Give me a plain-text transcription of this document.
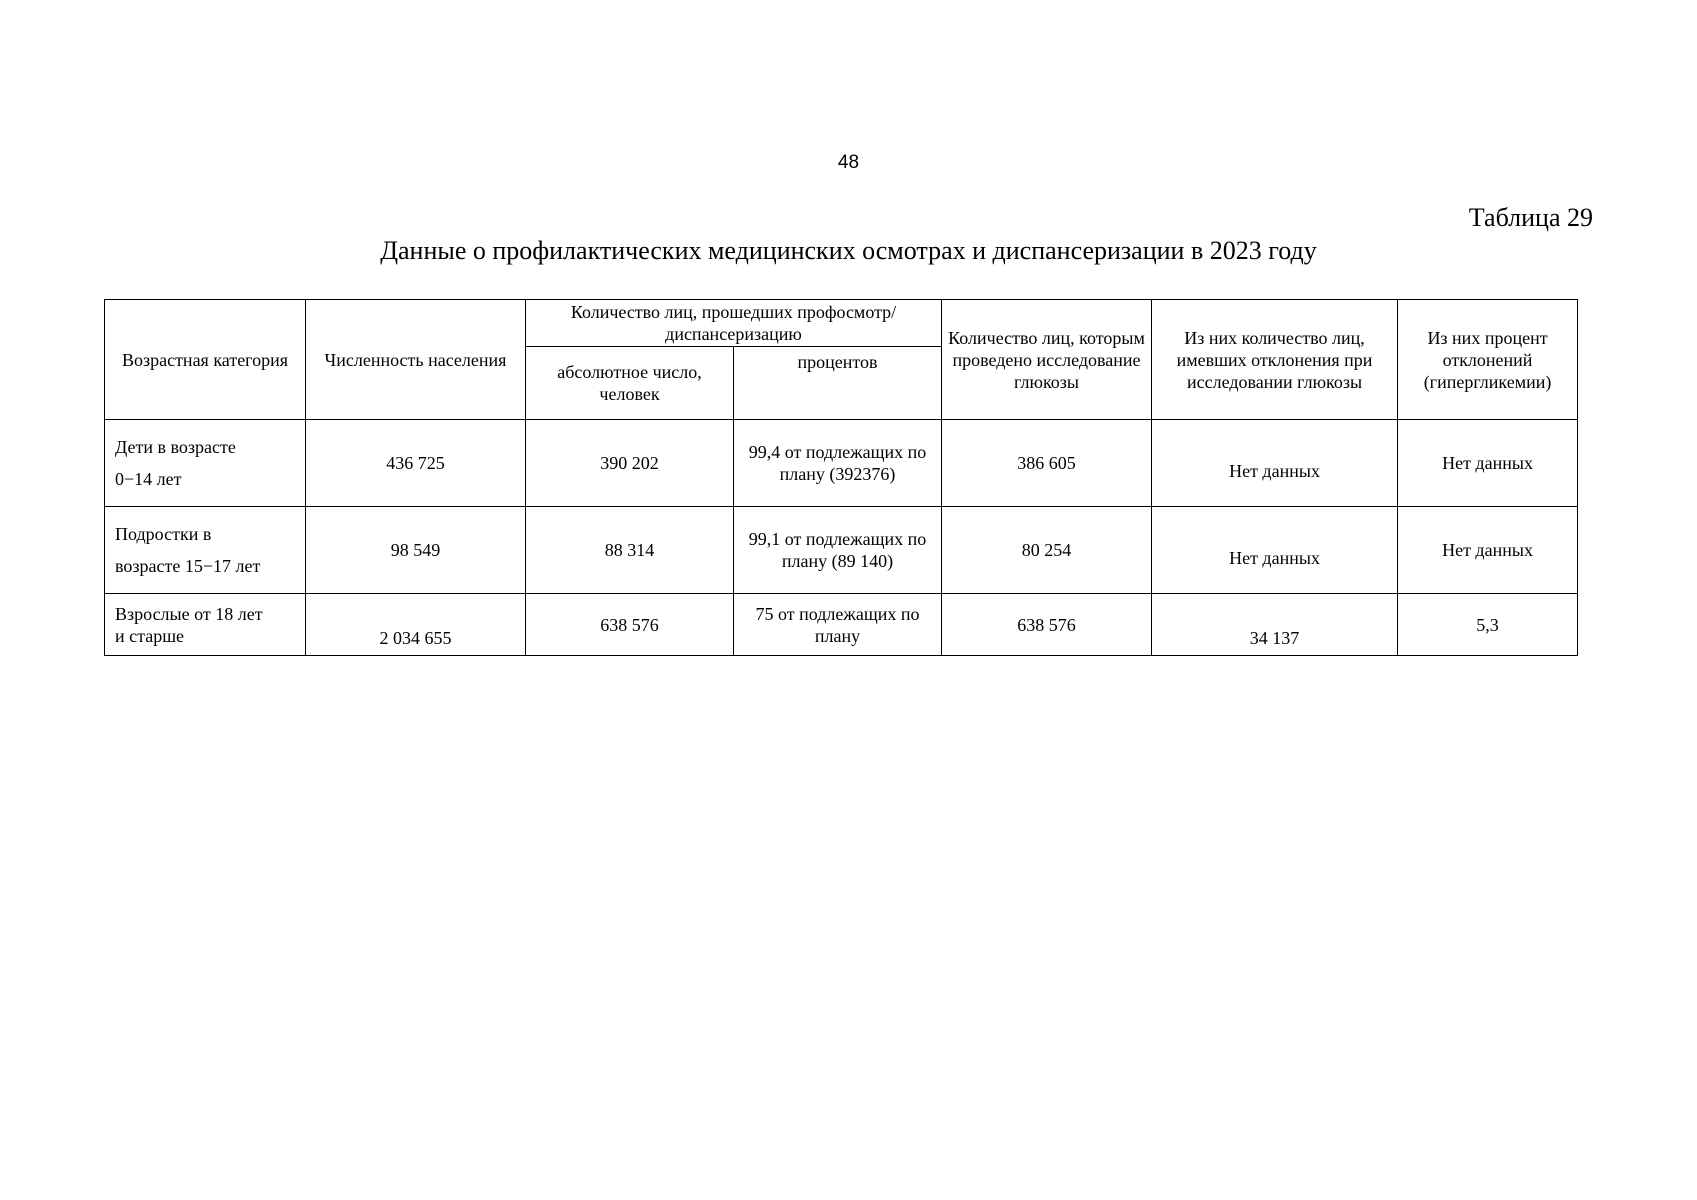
48
Таблица 29
Данные о профилактических медицинских осмотрах и диспансеризации в 2023 году
Возрастная категория	Численность населения	Количество лиц, прошедших профосмотр/диспансеризацию		Количество лиц, которым проведено исследование глюкозы	Из них количество лиц, имевших отклонения при исследовании глюкозы	Из них процент отклонений (гипергликемии)
		абсолютное число, человек	процентов			

Дети в возрасте
0−14 лет	436 725	390 202	99,4 от подлежащих по плану (392376)	386 605	Нет данных	Нет данных

Подростки в
возрасте 15−17 лет	98 549	88 314	99,1 от подлежащих по плану (89 140)	80 254	Нет данных	Нет данных

Взрослые от 18 лет
и старше	2 034 655	638 576	75 от подлежащих по плану	638 576	34 137	5,3
